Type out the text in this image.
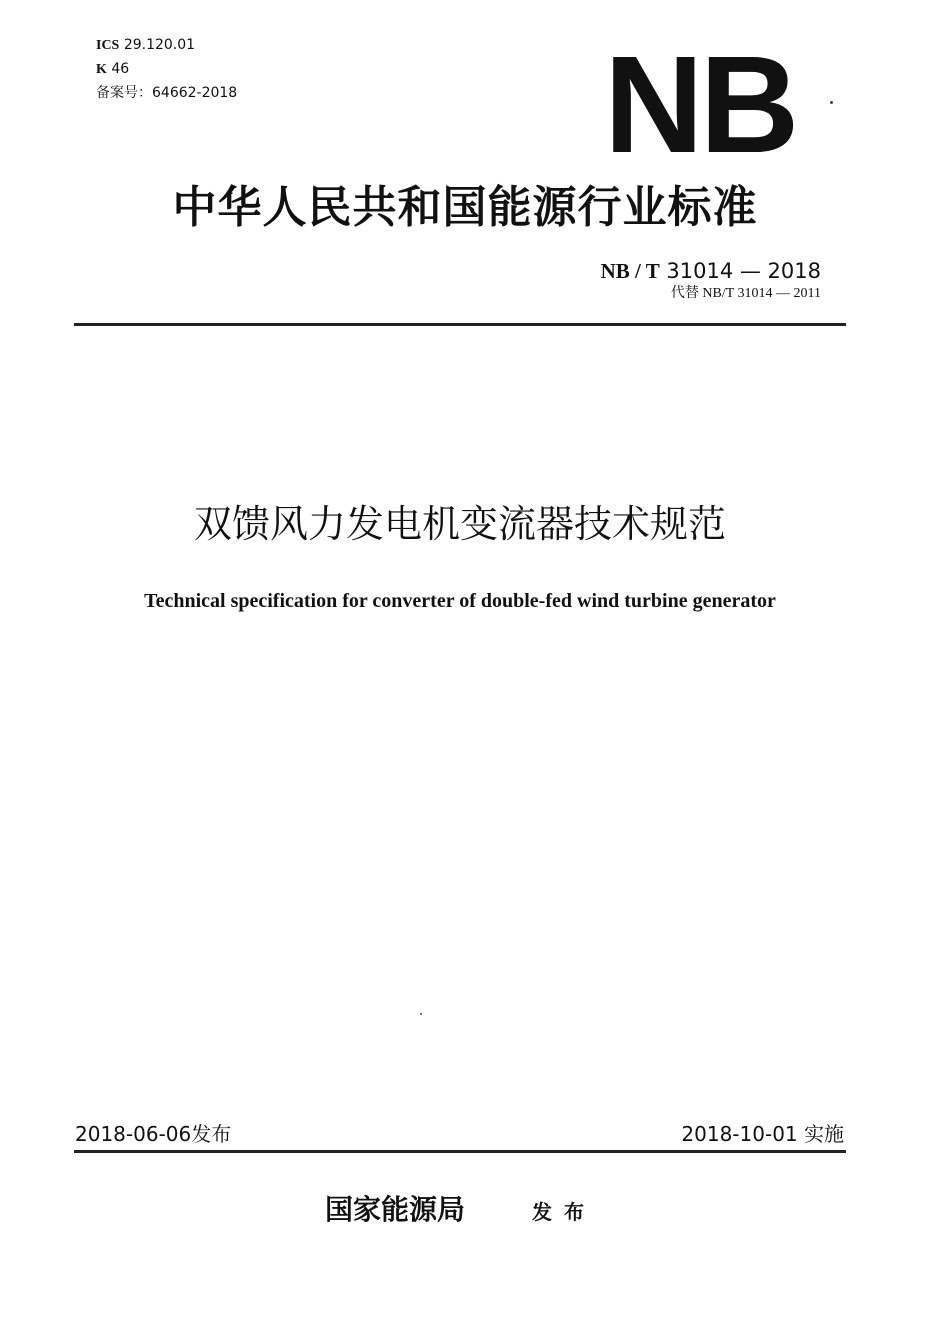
ICS 29.120.01
K 46
备案号：64662-2018	NB
中华人民共和国能源行业标准
NB / T 31014 — 2018
代替 NB/T 31014 — 2011
双馈风力发电机变流器技术规范
Technical specification for converter of double-fed wind turbine generator
2018-06-06发布	2018-10-01 实施
国家能源局	发布
